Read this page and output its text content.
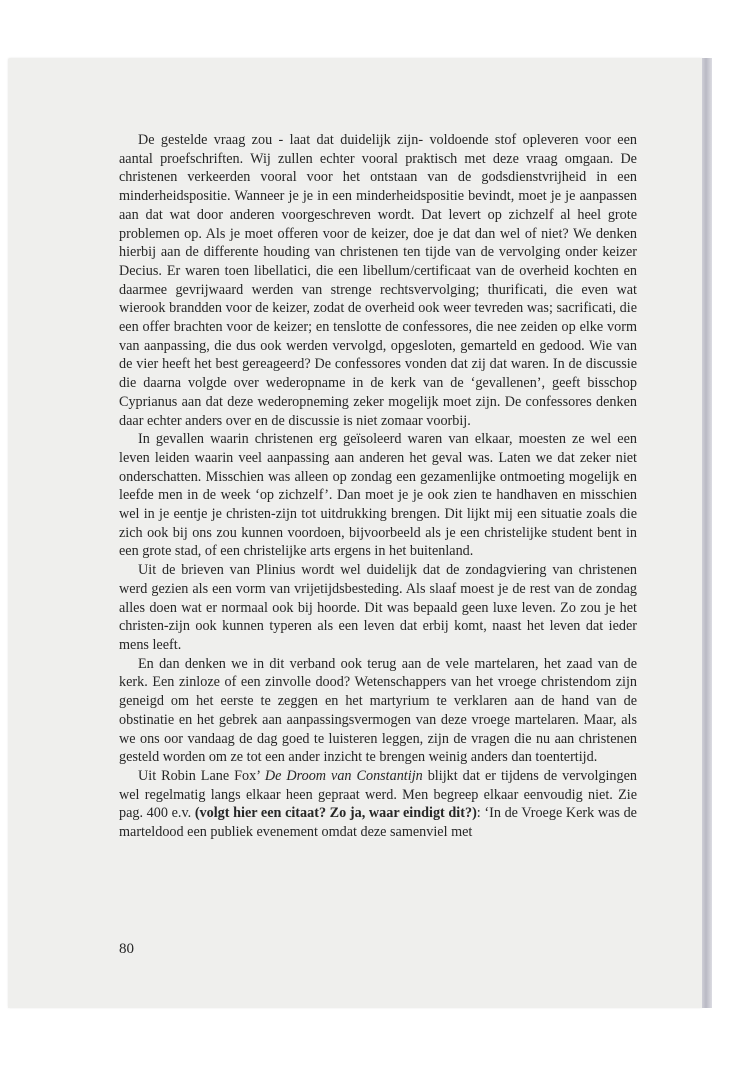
De gestelde vraag zou - laat dat duidelijk zijn- voldoende stof opleveren voor een aantal proefschriften. Wij zullen echter vooral praktisch met deze vraag omgaan. De christenen verkeerden vooral voor het ontstaan van de godsdienstvrijheid in een minderheidspositie. Wanneer je je in een minderheidspositie bevindt, moet je je aanpassen aan dat wat door anderen voorgeschreven wordt. Dat levert op zichzelf al heel grote problemen op. Als je moet offeren voor de keizer, doe je dat dan wel of niet? We denken hierbij aan de differente houding van christenen ten tijde van de vervolging onder keizer Decius. Er waren toen libellatici, die een libellum/certificaat van de overheid kochten en daarmee gevrijwaard werden van strenge rechtsvervolging; thurificati, die even wat wierook brandden voor de keizer, zodat de overheid ook weer tevreden was; sacrificati, die een offer brachten voor de keizer; en tenslotte de confessores, die nee zeiden op elke vorm van aanpassing, die dus ook werden vervolgd, opgesloten, gemarteld en gedood. Wie van de vier heeft het best gereageerd? De confessores vonden dat zij dat waren. In de discussie die daarna volgde over wederopname in de kerk van de ‘gevallenen’, geeft bisschop Cyprianus aan dat deze wederopneming zeker mogelijk moet zijn. De confessores denken daar echter anders over en de discussie is niet zomaar voorbij.

In gevallen waarin christenen erg geïsoleerd waren van elkaar, moesten ze wel een leven leiden waarin veel aanpassing aan anderen het geval was. Laten we dat zeker niet onderschatten. Misschien was alleen op zondag een gezamenlijke ontmoeting mogelijk en leefde men in de week ‘op zichzelf’. Dan moet je je ook zien te handhaven en misschien wel in je eentje je christen-zijn tot uitdrukking brengen. Dit lijkt mij een situatie zoals die zich ook bij ons zou kunnen voordoen, bijvoorbeeld als je een christelijke student bent in een grote stad, of een christelijke arts ergens in het buitenland.

Uit de brieven van Plinius wordt wel duidelijk dat de zondagviering van christenen werd gezien als een vorm van vrijetijdsbesteding. Als slaaf moest je de rest van de zondag alles doen wat er normaal ook bij hoorde. Dit was bepaald geen luxe leven. Zo zou je het christen-zijn ook kunnen typeren als een leven dat erbij komt, naast het leven dat ieder mens leeft.

En dan denken we in dit verband ook terug aan de vele martelaren, het zaad van de kerk. Een zinloze of een zinvolle dood? Wetenschappers van het vroege christendom zijn geneigd om het eerste te zeggen en het martyrium te verklaren aan de hand van de obstinatie en het gebrek aan aanpassingsvermogen van deze vroege martelaren. Maar, als we ons oor vandaag de dag goed te luisteren leggen, zijn de vragen die nu aan christenen gesteld worden om ze tot een ander inzicht te brengen weinig anders dan toentertijd.

Uit Robin Lane Fox’ De Droom van Constantijn blijkt dat er tijdens de vervolgingen wel regelmatig langs elkaar heen gepraat werd. Men begreep elkaar eenvoudig niet. Zie pag. 400 e.v. (volgt hier een citaat? Zo ja, waar eindigt dit?): ‘In de Vroege Kerk was de marteldood een publiek evenement omdat deze samenviel met

80
